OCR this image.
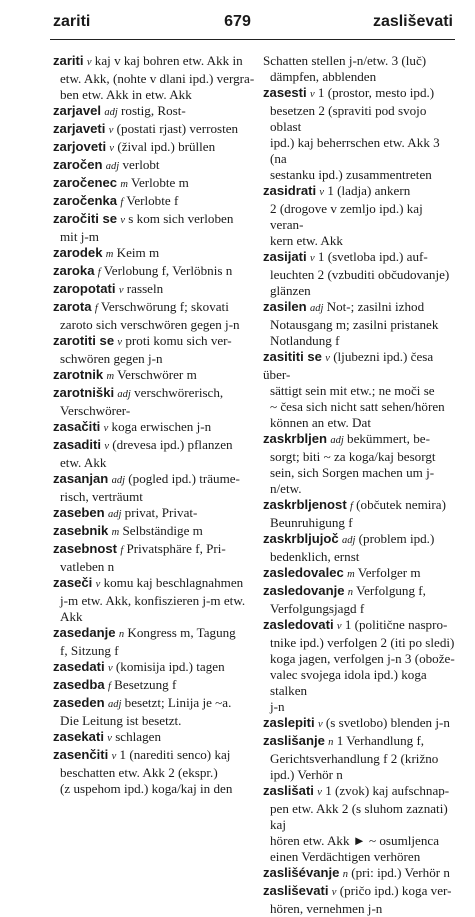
zariti	679	zasliševati
zariti v kaj v kaj bohren etw. Akk in
etw. Akk, (nohte v dlani ipd.) vergra-
ben etw. Akk in etw. Akk
zarjavel adj rostig, Rost-
zarjaveti v (postati rjast) verrosten
zarjoveti v (žival ipd.) brüllen
zaročen adj verlobt
zaročenec m Verlobte m
zaročenka f Verlobte f
zaročiti se v s kom sich verloben
mit j-m
zarodek m Keim m
zaroka f Verlobung f, Verlöbnis n
zaropotati v rasseln
zarota f Verschwörung f; skovati
zaroto sich verschwören gegen j-n
zarotiti se v proti komu sich ver-
schwören gegen j-n
zarotnik m Verschwörer m
zarotniški adj verschwörerisch,
Verschwörer-
zasačiti v koga erwischen j-n
zasaditi v (drevesa ipd.) pflanzen
etw. Akk
zasanjan adj (pogled ipd.) träume-
risch, verträumt
zaseben adj privat, Privat-
zasebnik m Selbständige m
zasebnost f Privatsphäre f, Pri-
vatleben n
zaseči v komu kaj beschlagnahmen
j-m etw. Akk, konfiszieren j-m etw.
Akk
zasedanje n Kongress m, Tagung
f, Sitzung f
zasedati v (komisija ipd.) tagen
zasedba f Besetzung f
zaseden adj besetzt; Linija je ~a.
Die Leitung ist besetzt.
zasekati v schlagen
zasenčiti v 1 (narediti senco) kaj
beschatten etw. Akk 2 (ekspr.)
(z uspehom ipd.) koga/kaj in den
Schatten stellen j-n/etw. 3 (luč)
dämpfen, abblenden
zasesti v 1 (prostor, mesto ipd.)
besetzen 2 (spraviti pod svojo oblast
ipd.) kaj beherrschen etw. Akk 3 (na
sestanku ipd.) zusammentreten
zasidrati v 1 (ladja) ankern
2 (drogove v zemljo ipd.) kaj veran-
kern etw. Akk
zasijati v 1 (svetloba ipd.) auf-
leuchten 2 (vzbuditi občudovanje)
glänzen
zasilen adj Not-; zasilni izhod
Notausgang m; zasilni pristanek
Notlandung f
zasititi se v (ljubezni ipd.) česa über-
sättigt sein mit etw.; ne moči se
~ česa sich nicht satt sehen/hören
können an etw. Dat
zaskrbljen adj bekümmert, be-
sorgt; biti ~ za koga/kaj besorgt
sein, sich Sorgen machen um j-n/etw.
zaskrbljenost f (občutek nemira)
Beunruhigung f
zaskrbljujoč adj (problem ipd.)
bedenklich, ernst
zasledovalec m Verfolger m
zasledovanje n Verfolgung f,
Verfolgungsjagd f
zasledovati v 1 (politične naspro-
tnike ipd.) verfolgen 2 (iti po sledi)
koga jagen, verfolgen j-n 3 (obože-
valec svojega idola ipd.) koga stalken
j-n
zaslepiti v (s svetlobo) blenden j-n
zaslišanje n 1 Verhandlung f,
Gerichtsverhandlung f 2 (križno
ipd.) Verhör n
zaslišati v 1 (zvok) kaj aufschnap-
pen etw. Akk 2 (s sluhom zaznati) kaj
hören etw. Akk ► ~ osumljenca
einen Verdächtigen verhören
zaslišévanje n (pri: ipd.) Verhör n
zasliševati v (pričo ipd.) koga ver-
hören, vernehmen j-n
